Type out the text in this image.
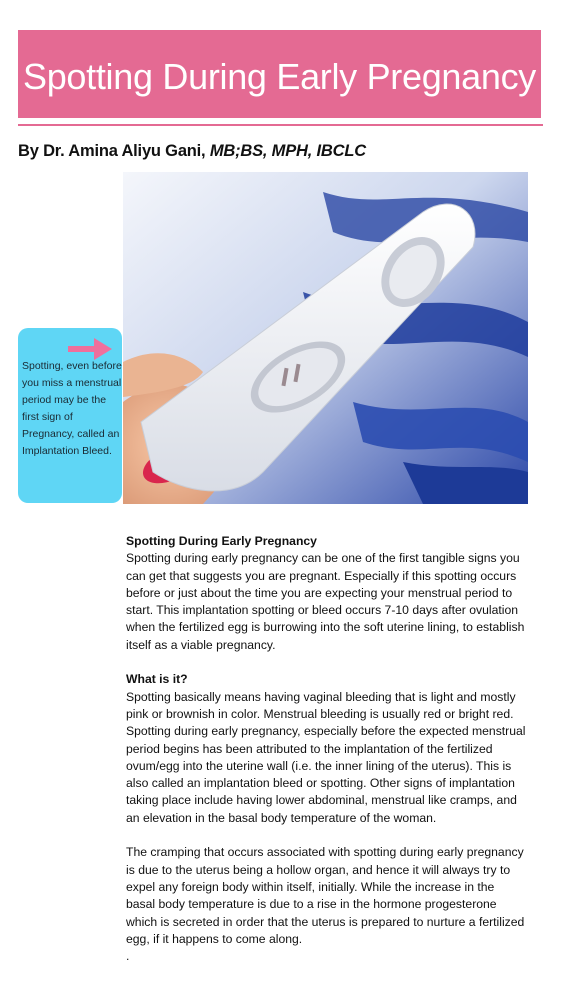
Spotting During Early Pregnancy
By Dr. Amina Aliyu Gani, MB;BS, MPH, IBCLC

Spotting, even before you miss a menstrual period may be the first sign of Pregnancy, called an Implantation Bleed.

Spotting During Early Pregnancy

Spotting during early pregnancy can be one of the first tangible signs you can get that suggests you are pregnant. Especially if this spotting occurs before or just about the time you are expecting your menstrual period to start. This implantation spotting or bleed occurs 7-10 days after ovulation when the fertilized egg is burrowing into the soft uterine lining, to establish itself as a viable pregnancy.

What is it?

Spotting basically means having vaginal bleeding that is light and mostly pink or brownish in color. Menstrual bleeding is usually red or bright red. Spotting during early pregnancy, especially before the expected menstrual period begins has been attributed to the implantation of the fertilized ovum/egg into the uterine wall (i.e. the inner lining of the uterus). This is also called an implantation bleed or spotting. Other signs of implantation taking place include having lower abdominal, menstrual like cramps, and an elevation in the basal body temperature of the woman.

The cramping that occurs associated with spotting during early pregnancy is due to the uterus being a hollow organ, and hence it will always try to expel any foreign body within itself, initially. While the increase in the basal body temperature is due to a rise in the hormone progesterone which is secreted in order that the uterus is prepared to nurture a fertilized egg, if it happens to come along.

.
